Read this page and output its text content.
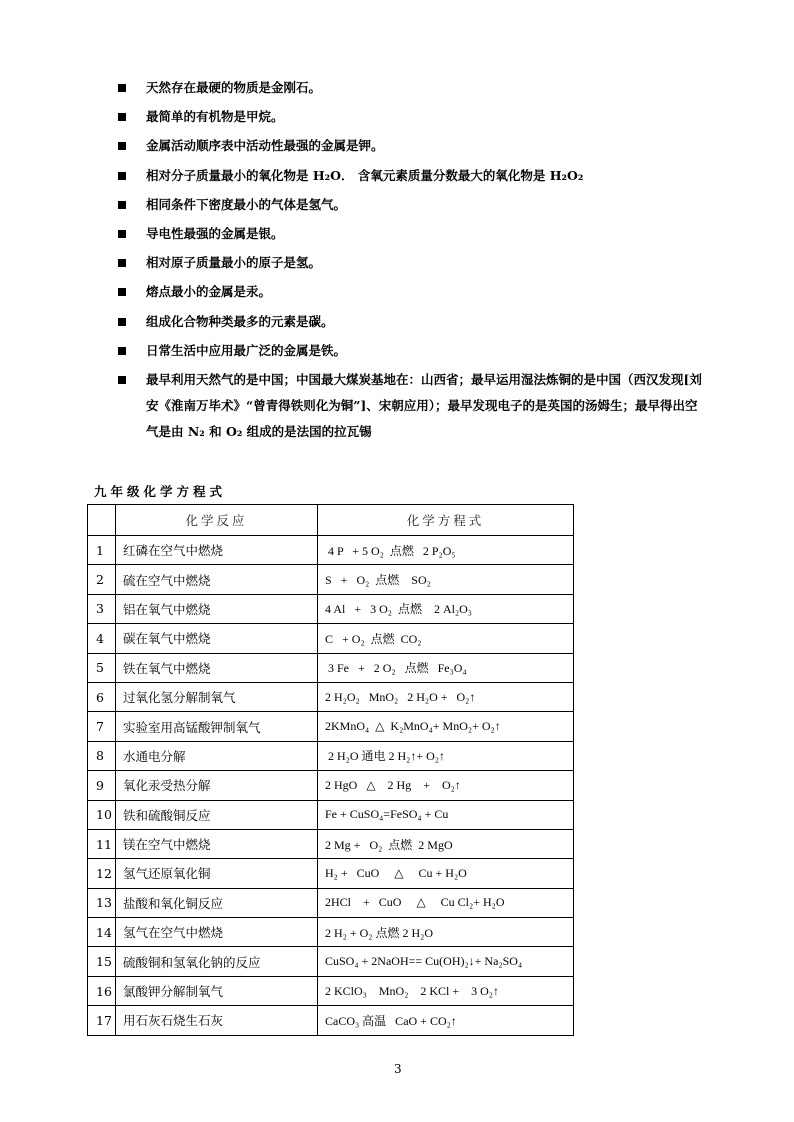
天然存在最硬的物质是金刚石。
最简单的有机物是甲烷。
金属活动顺序表中活动性最强的金属是钾。
相对分子质量最小的氧化物是 H₂O． 含氧元素质量分数最大的氧化物是 H₂O₂
相同条件下密度最小的气体是氢气。
导电性最强的金属是银。
相对原子质量最小的原子是氢。
熔点最小的金属是汞。
组成化合物种类最多的元素是碳。
日常生活中应用最广泛的金属是铁。
最早利用天然气的是中国；中国最大煤炭基地在：山西省；最早运用湿法炼铜的是中国（西汉发现[刘安《淮南万毕术》“曾青得铁则化为铜”]、宋朝应用）；最早发现电子的是英国的汤姆生；最早得出空气是由 N₂ 和 O₂ 组成的是法国的拉瓦锡
九年级化学方程式
	化学反应	化学方程式
1	红磷在空气中燃烧	4 P   + 5 O₂  点燃   2 P₂O₅
2	硫在空气中燃烧	S   +   O₂  点燃    SO₂
3	铝在氧气中燃烧	4 Al   +   3 O₂  点燃    2 Al₂O₃
4	碳在氧气中燃烧	C   + O₂  点燃  CO₂
5	铁在氧气中燃烧	3 Fe   +   2 O₂   点燃   Fe₃O₄
6	过氧化氢分解制氧气	2 H₂O₂   MnO₂   2 H₂O +   O₂↑
7	实验室用高锰酸钾制氧气	2KMnO₄  △  K₂MnO₄+ MnO₂+ O₂↑
8	水通电分解	2 H₂O 通电 2 H₂↑+ O₂↑
9	氧化汞受热分解	2 HgO   △    2 Hg    +    O₂↑
10	铁和硫酸铜反应	Fe + CuSO₄=FeSO₄ + Cu
11	镁在空气中燃烧	2 Mg +   O₂  点燃  2 MgO
12	氢气还原氧化铜	H₂ +   CuO     △     Cu + H₂O
13	盐酸和氧化铜反应	2HCl    +   CuO     △     Cu Cl₂+ H₂O
14	氢气在空气中燃烧	2 H₂ + O₂ 点燃 2 H₂O
15	硫酸铜和氢氧化钠的反应	CuSO₄ + 2NaOH== Cu(OH)₂↓+ Na₂SO₄
16	氯酸钾分解制氧气	2 KClO₃    MnO₂    2 KCl +    3 O₂↑
17	用石灰石烧生石灰	CaCO₃ 高温   CaO + CO₂↑
3
